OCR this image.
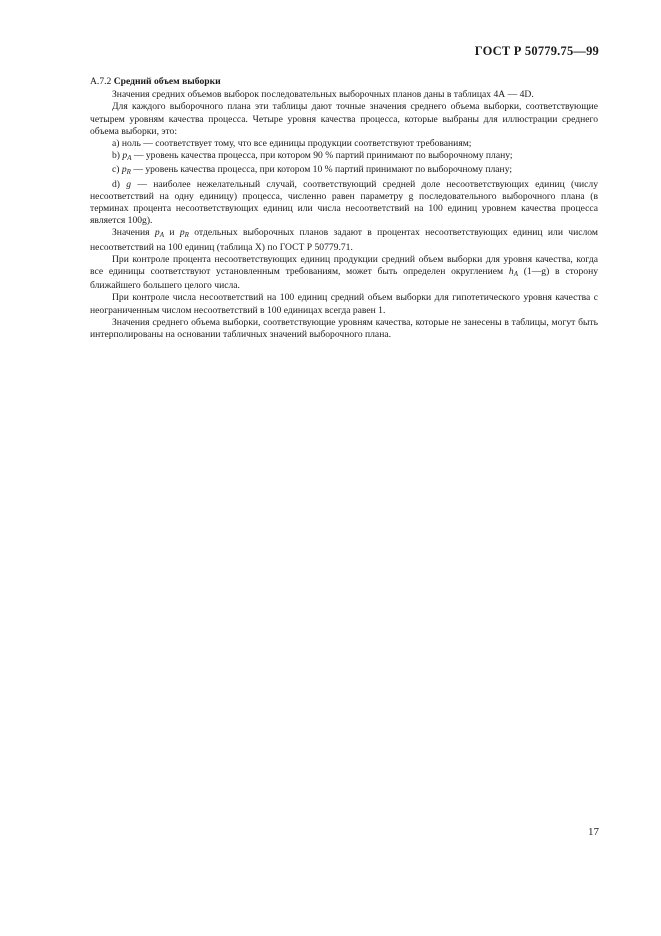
ГОСТ Р 50779.75—99

А.7.2 Средний объем выборки

Значения средних объемов выборок последовательных выборочных планов даны в таблицах 4А — 4D.

Для каждого выборочного плана эти таблицы дают точные значения среднего объема выборки, соответствующие четырем уровням качества процесса. Четыре уровня качества процесса, которые выбраны для иллюстрации среднего объема выборки, это:

a) ноль — соответствует тому, что все единицы продукции соответствуют требованиям;

b) $p_A$ — уровень качества процесса, при котором 90 % партий принимают по выборочному плану;

c) $p_R$ — уровень качества процесса, при котором 10 % партий принимают по выборочному плану;

d) g — наиболее нежелательный случай, соответствующий средней доле несоответствующих единиц (числу несоответствий на одну единицу) процесса, численно равен параметру g последовательного выборочного плана (в терминах процента несоответствующих единиц или числа несоответствий на 100 единиц уровнем качества процесса является 100g).

Значения $p_A$ и $p_R$ отдельных выборочных планов задают в процентах несоответствующих единиц или числом несоответствий на 100 единиц (таблица X) по ГОСТ Р 50779.71.

При контроле процента несоответствующих единиц продукции средний объем выборки для уровня качества, когда все единицы соответствуют установленным требованиям, может быть определен округлением $h_A$ (1—g) в сторону ближайшего большего целого числа.

При контроле числа несоответствий на 100 единиц средний объем выборки для гипотетического уровня качества с неограниченным числом несоответствий в 100 единицах всегда равен 1.

Значения среднего объема выборки, соответствующие уровням качества, которые не занесены в таблицы, могут быть интерполированы на основании табличных значений выборочного плана.

17
